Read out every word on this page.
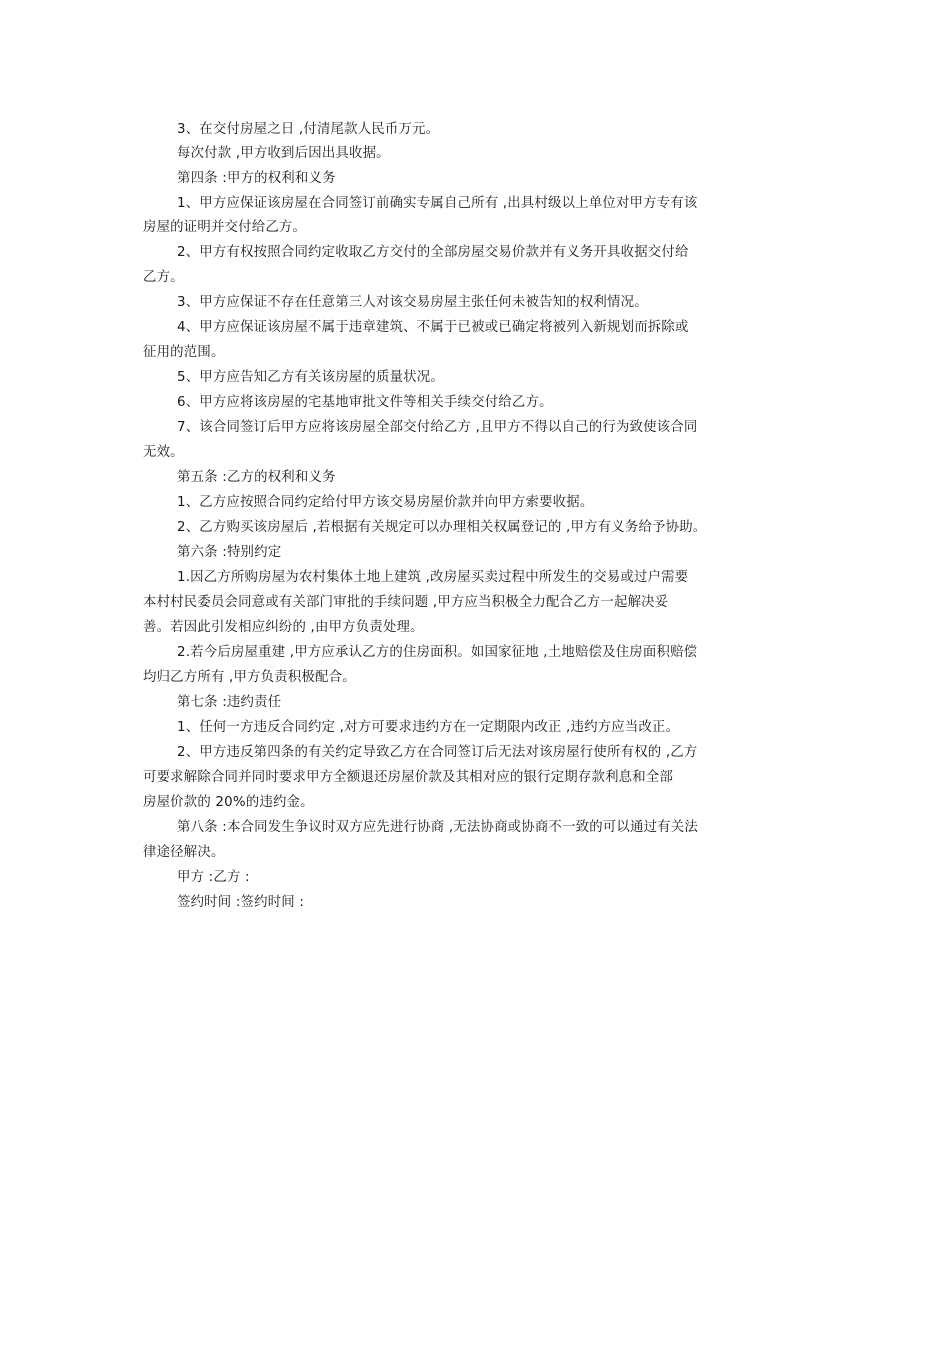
3、在交付房屋之日 ,付清尾款人民币万元。
每次付款 ,甲方收到后因出具收据。
第四条 :甲方的权利和义务
1、甲方应保证该房屋在合同签订前确实专属自己所有 ,出具村级以上单位对甲方专有该
房屋的证明并交付给乙方。
2、甲方有权按照合同约定收取乙方交付的全部房屋交易价款并有义务开具收据交付给
乙方。
3、甲方应保证不存在任意第三人对该交易房屋主张任何未被告知的权利情况。
4、甲方应保证该房屋不属于违章建筑、不属于已被或已确定将被列入新规划而拆除或
征用的范围。
5、甲方应告知乙方有关该房屋的质量状况。
6、甲方应将该房屋的宅基地审批文件等相关手续交付给乙方。
7、该合同签订后甲方应将该房屋全部交付给乙方 ,且甲方不得以自己的行为致使该合同
无效。
第五条 :乙方的权利和义务
1、乙方应按照合同约定给付甲方该交易房屋价款并向甲方索要收据。
2、乙方购买该房屋后 ,若根据有关规定可以办理相关权属登记的 ,甲方有义务给予协助。
第六条 :特别约定
1.因乙方所购房屋为农村集体土地上建筑 ,改房屋买卖过程中所发生的交易或过户需要
本村村民委员会同意或有关部门审批的手续问题 ,甲方应当积极全力配合乙方一起解决妥
善。若因此引发相应纠纷的 ,由甲方负责处理。
2.若今后房屋重建 ,甲方应承认乙方的住房面积。如国家征地 ,土地赔偿及住房面积赔偿
均归乙方所有 ,甲方负责积极配合。
第七条 :违约责任
1、任何一方违反合同约定 ,对方可要求违约方在一定期限内改正 ,违约方应当改正。
2、甲方违反第四条的有关约定导致乙方在合同签订后无法对该房屋行使所有权的 ,乙方
可要求解除合同并同时要求甲方全额退还房屋价款及其相对应的银行定期存款利息和全部
房屋价款的 20%的违约金。
第八条 :本合同发生争议时双方应先进行协商 ,无法协商或协商不一致的可以通过有关法
律途径解决。
甲方 :乙方 :
签约时间 :签约时间 :
